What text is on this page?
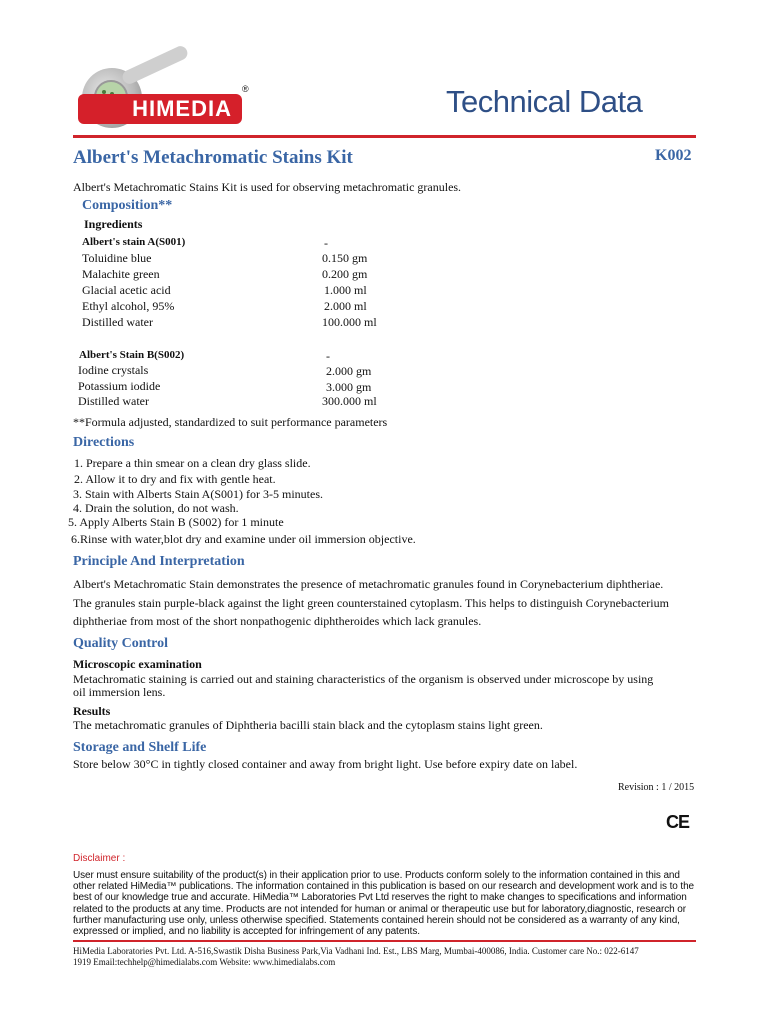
HIMEDIA
®	Technical Data
Albert's Metachromatic Stains Kit	K002
Albert's Metachromatic Stains Kit is used for observing metachromatic granules.
Composition**
Ingredients
Albert's stain A(S001)	-
Toluidine blue	0.150 gm
Malachite green	0.200 gm
Glacial acetic acid	1.000 ml
Ethyl alcohol, 95%	2.000 ml
Distilled water	100.000 ml
Albert's Stain B(S002)	-
Iodine crystals	2.000 gm
Potassium iodide	3.000 gm
Distilled water	300.000 ml
**Formula adjusted, standardized to suit performance parameters
Directions
1. Prepare a thin smear on a clean dry glass slide.
2. Allow it to dry and fix with gentle heat.
3. Stain with Alberts Stain A(S001) for 3-5 minutes.
4. Drain the solution, do not wash.
5. Apply Alberts Stain B (S002) for 1 minute
6.Rinse with water,blot dry and examine under oil immersion objective.
Principle And Interpretation
Albert's Metachromatic Stain demonstrates the presence of metachromatic granules found in Corynebacterium diphtheriae.
The granules stain purple-black against the light green counterstained cytoplasm. This helps to distinguish Corynebacterium
diphtheriae from most of the short nonpathogenic diphtheroides which lack granules.
Quality Control
Microscopic examination
Metachromatic staining is carried out and staining characteristics of the organism is observed under microscope by using
oil immersion lens.
Results
The metachromatic granules of Diphtheria bacilli stain black and the cytoplasm stains light green.
Storage and Shelf Life
Store below 30°C in tightly closed container and away from bright light. Use before expiry date on label.
Revision : 1 / 2015
CE
Disclaimer :
User must ensure suitability of the product(s) in their application prior to use. Products conform solely to the information contained in this and other related HiMedia™ publications. The information contained in this publication is based on our research and development work and is to the best of our knowledge true and accurate. HiMedia™ Laboratories Pvt Ltd reserves the right to make changes to specifications and information related to the products at any time. Products are not intended for human or animal or therapeutic use but for laboratory,diagnostic, research or further manufacturing use only, unless otherwise specified. Statements contained herein should not be considered as a warranty of any kind, expressed or implied, and no liability is accepted for infringement of any patents.
HiMedia Laboratories Pvt. Ltd. A-516,Swastik Disha Business Park,Via Vadhani Ind. Est., LBS Marg, Mumbai-400086, India. Customer care No.: 022-6147
1919 Email:techhelp@himedialabs.com Website: www.himedialabs.com
